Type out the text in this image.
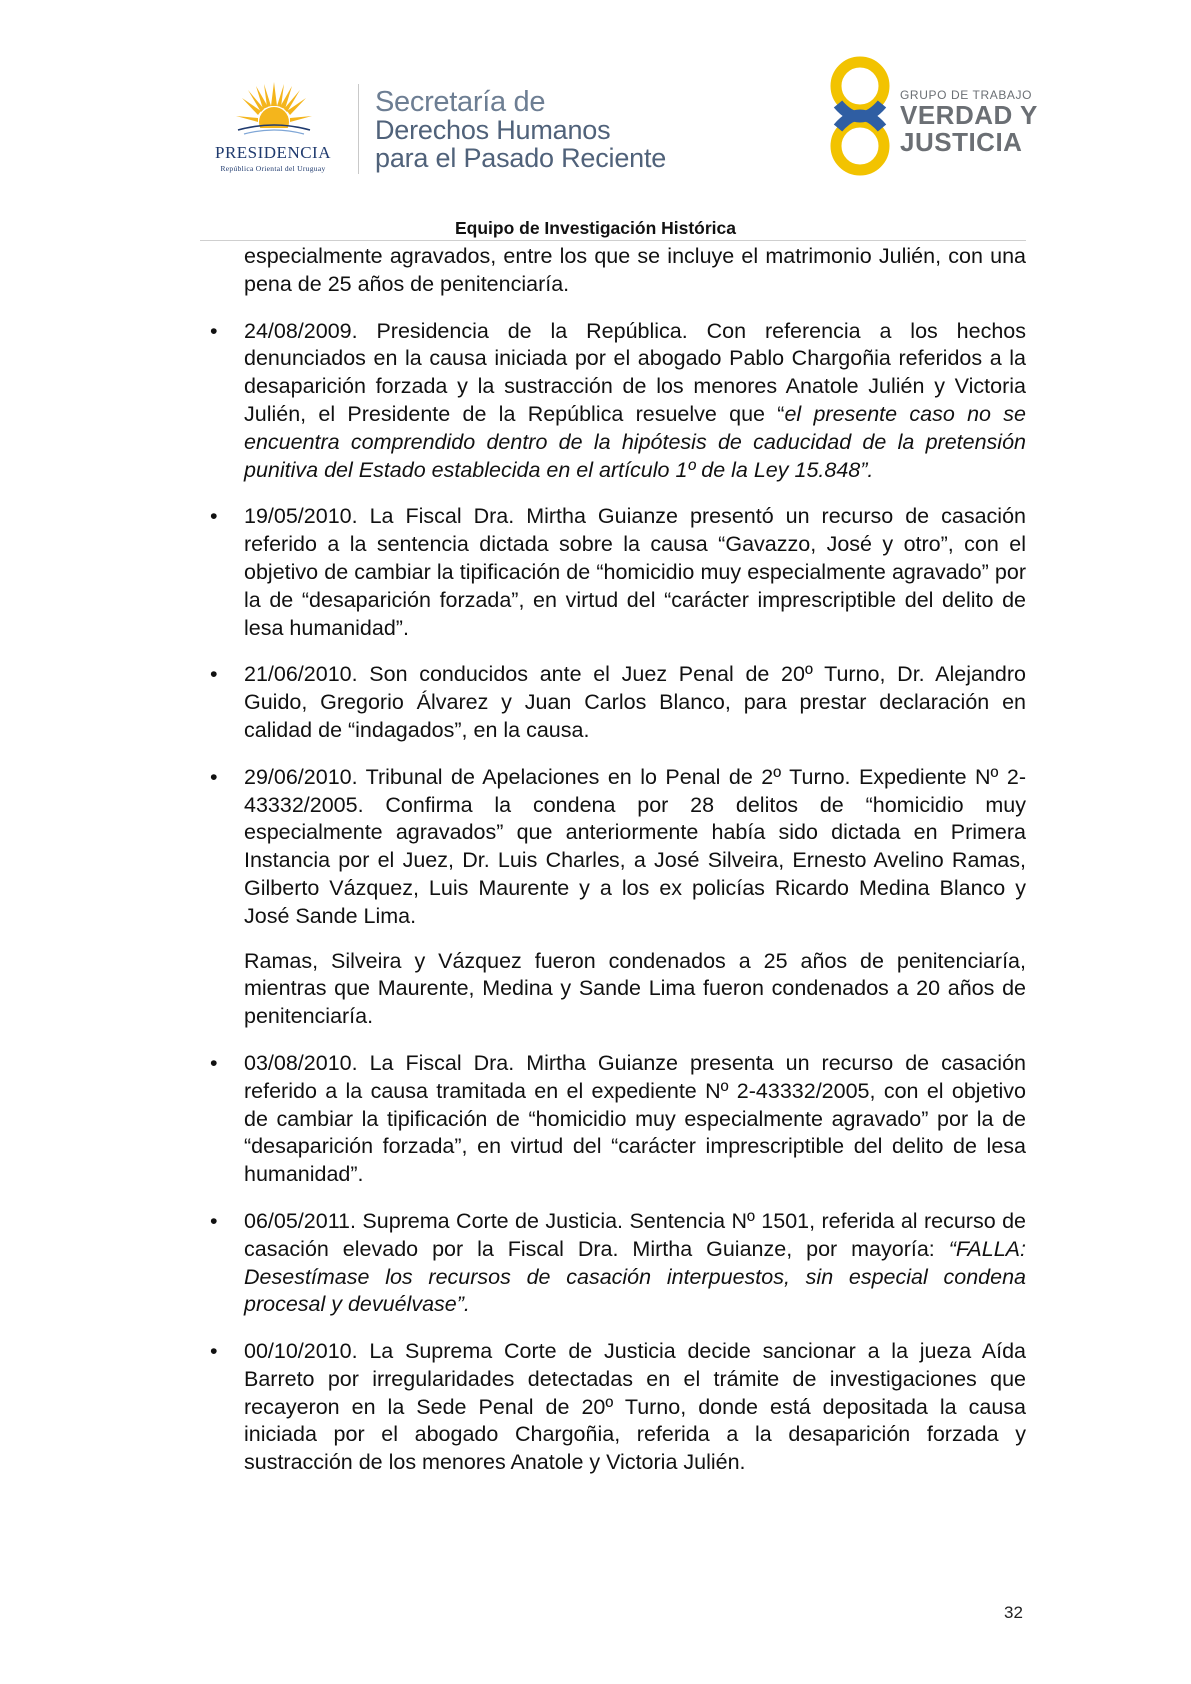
PRESIDENCIA
República Oriental del Uruguay
Secretaría de
Derechos Humanos
para el Pasado Reciente
GRUPO DE TRABAJO
VERDAD Y
JUSTICIA
Equipo de Investigación Histórica

especialmente agravados, entre los que se incluye el matrimonio Julién, con una pena de 25 años de penitenciaría.

• 24/08/2009. Presidencia de la República. Con referencia a los hechos denunciados en la causa iniciada por el abogado Pablo Chargoñia referidos a la desaparición forzada y la sustracción de los menores Anatole Julién y Victoria Julién, el Presidente de la República resuelve que “el presente caso no se encuentra comprendido dentro de la hipótesis de caducidad de la pretensión punitiva del Estado establecida en el artículo 1º de la Ley 15.848”.
• 19/05/2010. La Fiscal Dra. Mirtha Guianze presentó un recurso de casación referido a la sentencia dictada sobre la causa “Gavazzo, José y otro”, con el objetivo de cambiar la tipificación de “homicidio muy especialmente agravado” por la de “desaparición forzada”, en virtud del “carácter imprescriptible del delito de lesa humanidad”.
• 21/06/2010. Son conducidos ante el Juez Penal de 20º Turno, Dr. Alejandro Guido, Gregorio Álvarez y Juan Carlos Blanco, para prestar declaración en calidad de “indagados”, en la causa.
• 29/06/2010. Tribunal de Apelaciones en lo Penal de 2º Turno. Expediente Nº 2-43332/2005. Confirma la condena por 28 delitos de “homicidio muy especialmente agravados” que anteriormente había sido dictada en Primera Instancia por el Juez, Dr. Luis Charles, a José Silveira, Ernesto Avelino Ramas, Gilberto Vázquez, Luis Maurente y a los ex policías Ricardo Medina Blanco y José Sande Lima.
Ramas, Silveira y Vázquez fueron condenados a 25 años de penitenciaría, mientras que Maurente, Medina y Sande Lima fueron condenados a 20 años de penitenciaría.
• 03/08/2010. La Fiscal Dra. Mirtha Guianze presenta un recurso de casación referido a la causa tramitada en el expediente Nº 2-43332/2005, con el objetivo de cambiar la tipificación de “homicidio muy especialmente agravado” por la de “desaparición forzada”, en virtud del “carácter imprescriptible del delito de lesa humanidad”.
• 06/05/2011. Suprema Corte de Justicia. Sentencia Nº 1501, referida al recurso de casación elevado por la Fiscal Dra. Mirtha Guianze, por mayoría: “FALLA: Desestímase los recursos de casación interpuestos, sin especial condena procesal y devuélvase”.
• 00/10/2010. La Suprema Corte de Justicia decide sancionar a la jueza Aída Barreto por irregularidades detectadas en el trámite de investigaciones que recayeron en la Sede Penal de 20º Turno, donde está depositada la causa iniciada por el abogado Chargoñia, referida a la desaparición forzada y sustracción de los menores Anatole y Victoria Julién.
32
